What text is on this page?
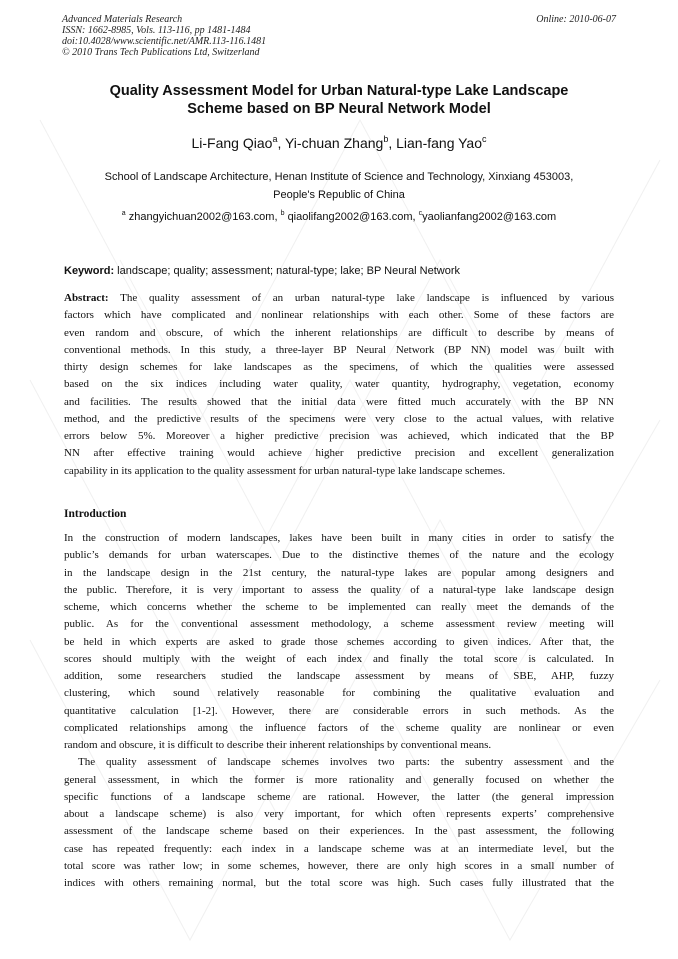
Advanced Materials Research
ISSN: 1662-8985, Vols. 113-116, pp 1481-1484
doi:10.4028/www.scientific.net/AMR.113-116.1481
© 2010 Trans Tech Publications Ltd, Switzerland
Online: 2010-06-07
Quality Assessment Model for Urban Natural-type Lake Landscape
Scheme based on BP Neural Network Model
Li-Fang Qiao$^a$, Yi-chuan Zhang$^b$, Lian-fang Yao$^c$
School of Landscape Architecture, Henan Institute of Science and Technology, Xinxiang 453003,
People's Republic of China
$^a$ zhangyichuan2002@163.com, $^b$ qiaolifang2002@163.com, $^c$yaolianfang2002@163.com
Keyword: landscape; quality; assessment; natural-type; lake; BP Neural Network
Abstract: The quality assessment of an urban natural-type lake landscape is influenced by various
factors which have complicated and nonlinear relationships with each other. Some of these factors are
even random and obscure, of which the inherent relationships are difficult to describe by means of
conventional methods. In this study, a three-layer BP Neural Network (BP NN) model was built with
thirty design schemes for lake landscapes as the specimens, of which the qualities were assessed
based on the six indices including water quality, water quantity, hydrography, vegetation, economy
and facilities. The results showed that the initial data were fitted much accurately with the BP NN
method, and the predictive results of the specimens were very close to the actual values, with relative
errors below 5%. Moreover a higher predictive precision was achieved, which indicated that the BP
NN after effective training would achieve higher predictive precision and excellent generalization
capability in its application to the quality assessment for urban natural-type lake landscape schemes.
Introduction
In the construction of modern landscapes, lakes have been built in many cities in order to satisfy the
public’s demands for urban waterscapes. Due to the distinctive themes of the nature and the ecology
in the landscape design in the 21st century, the natural-type lakes are popular among designers and
the public. Therefore, it is very important to assess the quality of a natural-type lake landscape design
scheme, which concerns whether the scheme to be implemented can really meet the demands of the
public. As for the conventional assessment methodology, a scheme assessment review meeting will
be held in which experts are asked to grade those schemes according to given indices. After that, the
scores should multiply with the weight of each index and finally the total score is calculated. In
addition, some researchers studied the landscape assessment by means of SBE, AHP, fuzzy
clustering, which sound relatively reasonable for combining the qualitative evaluation and
quantitative calculation [1-2]. However, there are considerable errors in such methods. As the
complicated relationships among the influence factors of the scheme quality are nonlinear or even
random and obscure, it is difficult to describe their inherent relationships by conventional means.
The quality assessment of landscape schemes involves two parts: the subentry assessment and the
general assessment, in which the former is more rationality and generally focused on whether the
specific functions of a landscape scheme are rational. However, the latter (the general impression
about a landscape scheme) is also very important, for which often represents experts’ comprehensive
assessment of the landscape scheme based on their experiences. In the past assessment, the following
case has repeated frequently: each index in a landscape scheme was at an intermediate level, but the
total score was rather low; in some schemes, however, there are only high scores in a small number of
indices with others remaining normal, but the total score was high. Such cases fully illustrated that the
